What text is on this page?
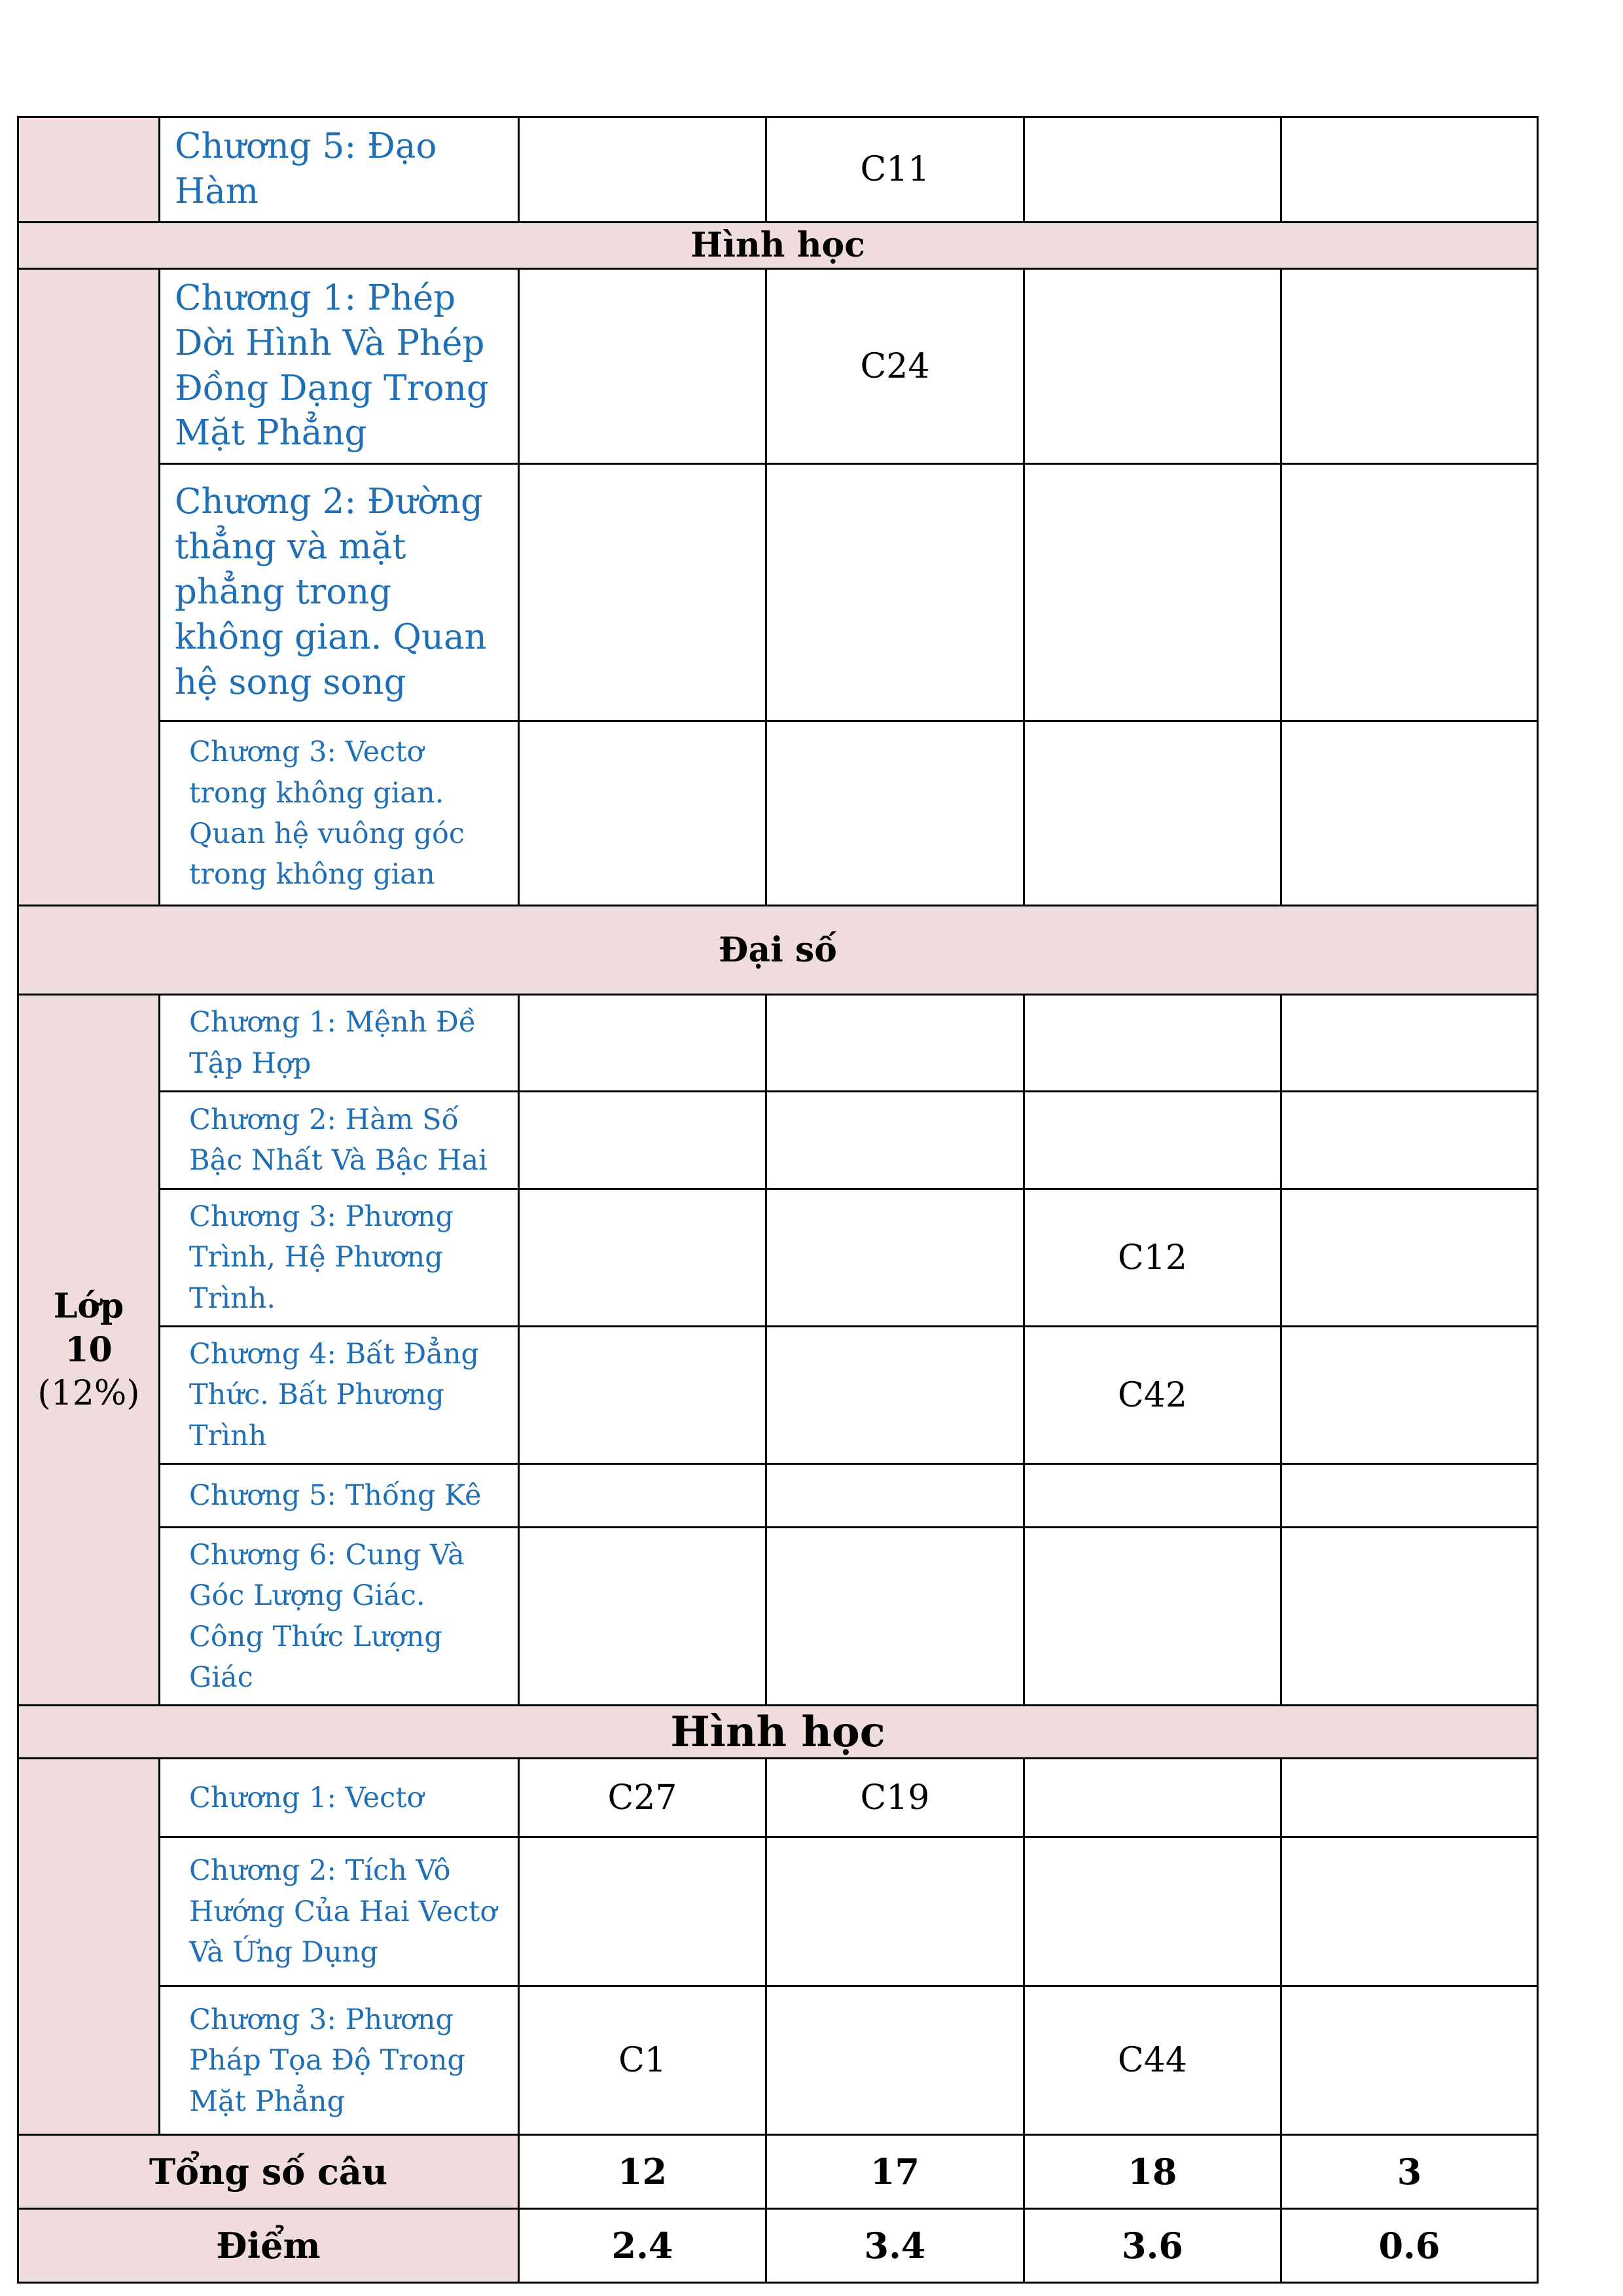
	Chương 5: Đạo Hàm		C11		
Hình học					
	Chương 1: Phép Dời Hình Và Phép Đồng Dạng Trong Mặt Phẳng		C24		
	Chương 2: Đường thẳng và mặt phẳng trong không gian. Quan hệ song song				
	Chương 3: Vectơ trong không gian. Quan hệ vuông góc trong không gian				
Đại số					
Lớp
10
(12%)	Chương 1: Mệnh Đề Tập Hợp				
	Chương 2: Hàm Số Bậc Nhất Và Bậc Hai				
	Chương 3: Phương Trình, Hệ Phương Trình.			C12	
	Chương 4: Bất Đẳng Thức. Bất Phương Trình			C42	
	Chương 5: Thống Kê				
	Chương 6: Cung Và Góc Lượng Giác. Công Thức Lượng Giác				
Hình học					
	Chương 1: Vectơ	C27	C19		
	Chương 2: Tích Vô Hướng Của Hai Vectơ Và Ứng Dụng				
	Chương 3: Phương Pháp Tọa Độ Trong Mặt Phẳng	C1		C44	
Tổng số câu		12	17	18	3
Điểm		2.4	3.4	3.6	0.6
